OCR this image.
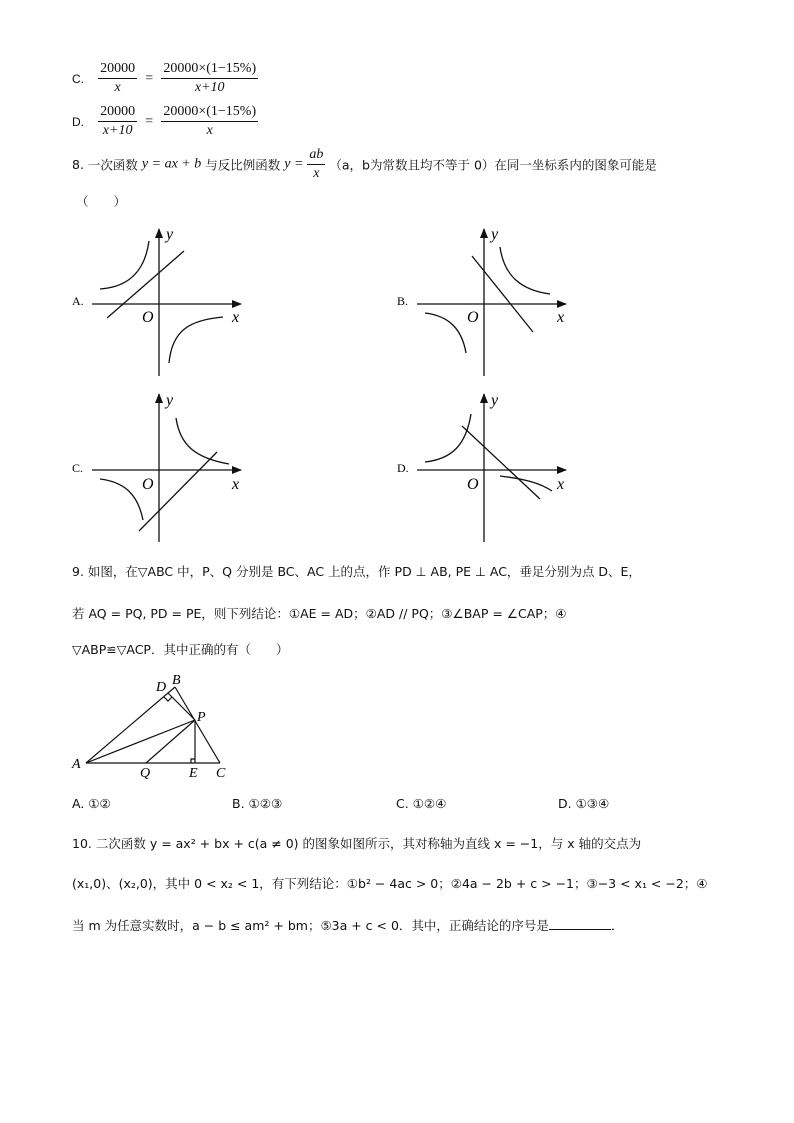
C. $\frac{20000}{x} = \frac{20000\times(1-15\%)}{x+10}$
D. $\frac{20000}{x+10} = \frac{20000\times(1-15\%)}{x}$
8. 一次函数 y = ax + b 与反比例函数 $y = \frac{ab}{x} (a$，b为常数且均不等于 0）在同一坐标系内的图象可能是
（　　）
A.
y
x
O
B.
y
x
O
C.
y
x
O
D.
y
x
O
9. 如图，在▽ABC 中，P、Q 分别是 BC、AC 上的点，作 PD ⊥ AB, PE ⊥ AC，垂足分别为点 D、E，
若 AQ = PQ, PD = PE，则下列结论：①AE = AD；②AD // PQ；③∠BAP = ∠CAP；④
▽ABP≌▽ACP．其中正确的有（　　）
A
B
C
D
P
Q	E
A. ①②	B. ①②③	C. ①②④	D. ①③④
10. 二次函数 y = ax² + bx + c(a ≠ 0) 的图象如图所示，其对称轴为直线 x = −1，与 x 轴的交点为
(x₁,0)、(x₂,0)，其中 0 < x₂ < 1，有下列结论：①b² − 4ac > 0；②4a − 2b + c > −1；③−3 < x₁ < −2；④
当 m 为任意实数时，a − b ≤ am² + bm；⑤3a + c < 0．其中，正确结论的序号是	．
